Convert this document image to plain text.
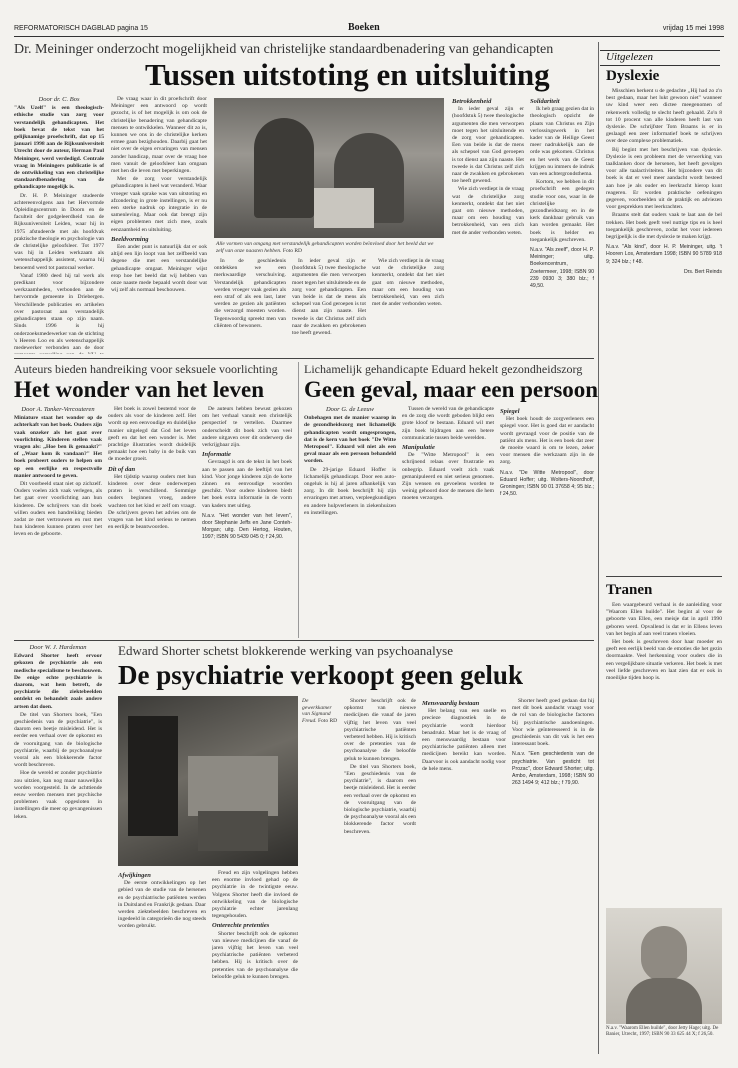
REFORMATORISCH DAGBLAD pagina 15	Boeken	vrijdag 15 mei 1998
Dr. Meininger onderzocht mogelijkheid van christelijke standaardbenadering van gehandicapten
Tussen uitstoting en uitsluiting
Door dr. C. Bos

"Als Uzelf" is een theologisch-ethische studie van zorg voor verstandelijk gehandicapten. Het boek bevat de tekst van het gelijknamige proefschrift, dat op 15 januari 1998 aan de Rijksuniversiteit Utrecht door de auteur, Herman Paul Meininger, werd verdedigd. Centrale vraag in Meiningers publicatie is of de ontwikkeling van een christelijke standaardbenadering van de gehandicapte mogelijk is.

Dr. H. P. Meininger studeerde achtereenvolgens aan het Hervormde Opleidingscentrum in Doorn en de faculteit der godgeleerdheid van de Rijksuniversiteit Leiden, waar hij in 1975 afstudeerde met als hoofdvak praktische theologie en psychologie van de christelijke geloofsleer. Tot 1977 was hij in Leiden werkzaam als wetenschappelijk assistent, waarna hij benoemd werd tot pastoraal werker.

Vanaf 1980 deed hij tal werk als predikant voor bijzondere werkzaamheden, verbonden aan de hervormde gemeente in Driebergen. Verschillende publicaties en artikelen over pastoraat aan verstandelijk gehandicapten staan op zijn naam. Sinds 1996 is hij onderzoeksmedewerker van de stichting 's Heeren Loo en als wetenschappelijk medewerker verbonden aan de door

De vraag waar in dit proefschrift door Meininger een antwoord op wordt gezocht, is of het mogelijk is om ook de christelijke benadering van gehandicapte mensen te ontwikkelen. Wanneer dit zo is, kunnen we ons in de christelijke kerken ermee gaan bezighouden. Daarbij gaat het niet over de eigen ervaringen van mensen zonder handicap, maar over de vraag hoe men vanuit de geloofsleer kan omgaan met hen die leven met beperkingen.

Met de zorg voor verstandelijk gehandicapten is heel wat veranderd. Waar vroeger vaak sprake was van uitstoting en afzondering in grote instellingen, is er nu een sterke nadruk op integratie in de samenleving. Maar ook dat brengt zijn eigen problemen met zich mee, zoals eenzaamheid en uitsluiting.

Beeldvorming

Een ander punt is natuurlijk dat er ook altijd een lijn loopt van het zelfbeeld van degene die met een verstandelijke gehandicapte omgaat. Meininger wijst erop hoe het beeld dat wij hebben van onze naaste mede bepaald wordt door wat wij zelf als normaal beschouwen.

Alle vormen van omgang met verstandelijk gehandicapten worden beïnvloed door het beeld dat we zelf van onze naasten hebben. Foto RD

In de geschiedenis ontdekken we een merkwaardige verschuiving. Verstandelijk gehandicapten werden vroeger vaak gezien als een straf of als een last, later werden ze gezien als patiënten die verzorgd moesten worden. Tegenwoordig spreekt men van cliënten of bewoners.

In ieder geval zijn er (hoofdstuk 5) twee theologische argumenten die men verworpen moet tegen het uitsluitende en de zorg voor gehandicapten. Een van beide is dat de mens als schepsel van God geroepen is tot dienst aan zijn naaste. Het tweede is dat Christus zelf zich naar de zwakken en gebrokenen toe heeft gewend.

Wie zich verdiept in de vraag wat de christelijke zorg kenmerkt, ontdekt dat het niet gaat om nieuwe methoden, maar om een houding van betrokkenheid, van een zich met de ander verbonden weten.

Betrokkenheid

In ieder geval zijn er (hoofdstuk 5) twee theologische argumenten die men verworpen moet tegen het uitsluitende en de zorg voor gehandicapten. Een van beide is dat de mens als schepsel van God geroepen is tot dienst aan zijn naaste. Het tweede is dat Christus zelf zich naar de zwakken en gebrokenen toe heeft gewend.

Wie zich verdiept in de vraag wat de christelijke zorg kenmerkt, ontdekt dat het niet gaat om nieuwe methoden, maar om een houding van betrokkenheid, van een zich met de ander verbonden weten.

Solidariteit

Ik heb graag gezien dat in theologisch opzicht de plaats van Christus en Zijn verlossingswerk in het kader van de Heilige Geest meer nadrukkelijk aan de orde was gekomen. Christus en het werk van de Geest krijgen nu immers de indruk van een achtergrondsthema.

Kortom, we hebben in dit proefschrift een gedegen studie voor ons, waar in de christelijke gezondheidszorg en in de kerk dankbaar gebruik van kan worden gemaakt. Het boek is helder en toegankelijk geschreven.

N.a.v. "Als zeelf", door H. P. Meininger; uitg. Boekencentrum, Zoetermeer, 1998; ISBN 90 239 0930 3; 380 blz.; f 49,50.

Auteurs bieden handreiking voor seksuele voorlichting
Het wonder van het leven
Door A. Tanker-Vercouteren

Miniature staat het wonder op de achterkaft van het boek. Ouders zijn vaak onzeker als het gaat over voorlichting. Kinderen stellen vaak vragen als: ,,Hoe ben ik gemaakt?" of ,,Waar kom ik vandaan?" Het boek probeert ouders te helpen om op een eerlijke en respectvolle manier antwoord te geven.

Dit voorbeeld staat niet op zichzelf. Ouders voelen zich vaak verlegen, als het gaat over voorlichting aan hun kinderen. De schrijvers van dit boek willen ouders een handreiking bieden zodat ze met vertrouwen en rust met hun kinderen kunnen praten over het leven en de geboorte.

Het boek is zowel bestemd voor de ouders als voor de kinderen zelf. Het wordt op een eenvoudige en duidelijke manier uitgelegd dat God het leven geeft en dat het een wonder is. Met prachtige illustraties wordt duidelijk gemaakt hoe een baby in de buik van de moeder groeit.

Dit of dan

Het tijdstip waarop ouders met hun kinderen over deze onderwerpen praten is verschillend. Sommige ouders beginnen vroeg, andere wachten tot het kind er zelf om vraagt. De schrijvers geven het advies om de vragen van het kind serieus te nemen en eerlijk te beantwoorden.

De auteurs hebben bewust gekozen om het verhaal vanuit een christelijk perspectief te vertellen. Daarmee onderscheidt dit boek zich van veel andere uitgaven over dit onderwerp die verkrijgbaar zijn.

Informatie

Gevraagd is om de tekst in het boek aan te passen aan de leeftijd van het kind. Voor jonge kinderen zijn de korte zinnen en eenvoudige woorden geschikt. Voor oudere kinderen biedt het boek extra informatie in de vorm van kaders met uitleg.

N.a.v. "Het wonder van het leven", door Stephanie Jeffs en Jane Conteh-Morgan; uitg. Den Hertog, Houten, 1997; ISBN 90 5439 045 0; f 24,90.

Lichamelijk gehandicapte Eduard hekelt gezondheidszorg
Geen geval, maar een persoon
Door G. de Leeuw

Onbehagen met de manier waarop in de gezondheidszorg met lichamelijk gehandicapten wordt omgesprongen, dat is de kern van het boek "De Witte Metropool". Eduard wil niet als een geval maar als een persoon behandeld worden.

De 29-jarige Eduard Hoffer is lichamelijk gehandicapt. Door een auto-ongeluk is hij al jaren afhankelijk van zorg. In dit boek beschrijft hij zijn ervaringen met artsen, verpleegkundigen en andere hulpverleners in ziekenhuizen en instellingen.

Tussen de wereld van de gehandicapte en de zorg die wordt geboden blijkt een grote kloof te bestaan. Eduard wil met zijn boek bijdragen aan een betere communicatie tussen beide werelden.

Manipulatie

De "Witte Metropool" is een schrijnend relaas over frustratie en onbegrip. Eduard voelt zich vaak gemanipuleerd en niet serieus genomen. Zijn wensen en gevoelens worden te weinig gehoord door de mensen die hem moeten verzorgen.

Spiegel

Het boek houdt de zorgverleners een spiegel voor. Het is goed dat er aandacht wordt gevraagd voor de positie van de patiënt als mens. Het is een boek dat zeer de moeite waard is om te lezen, zeker voor mensen die werkzaam zijn in de zorg.

N.a.v. "De Witte Metropool", door Eduard Hoffer; uitg. Wolters-Noordhoff, Groningen; ISBN 90 01 37658 4; 95 blz.; f 24,50.

Door W. J. Hardeman

Edward Shorter heeft ervoor gekozen de psychiatrie als een medische specialisme te beschouwen. De enige echte psychiatrie is daarom, wat hem betreft, de psychiatrie die ziektebeelden ontdekt en behandelt zoals andere artsen dat doen.

De titel van Shorters boek, "Een geschiedenis van de psychiatrie", is daarom een beetje misleidend. Het is eerder een verhaal over de opkomst en de vooruitgang van de biologische psychiatrie, waarbij de psychoanalyse vooral als een blokkerende factor wordt beschreven.

Hoe de wereld er zonder psychiatrie zou uitzien, kan nog maar nauwelijks worden voorgesteld. In de achttiende eeuw werden mensen met psychische problemen vaak opgesloten in instellingen die meer op gevangenissen leken.

Edward Shorter schetst blokkerende werking van psychoanalyse
De psychiatrie verkoopt geen geluk
De gewerkkamer van Sigmund Freud. Foto RD
Afwijkingen

De eerste ontwikkelingen op het gebied van de studie van de hersenen en de psychiatrische patiënten werden in Duitsland en Frankrijk gedaan. Daar werden ziektebeelden beschreven en ingedeeld in categorieën die nog steeds worden gebruikt.

Freud en zijn volgelingen hebben een enorme invloed gehad op de psychiatrie in de twintigste eeuw. Volgens Shorter heeft die invloed de ontwikkeling van de biologische psychiatrie echter jarenlang tegengehouden.

Onterechte pretenties

Shorter beschrijft ook de opkomst van nieuwe medicijnen die vanaf de jaren vijftig het leven van veel psychiatrische patiënten verbeterd hebben. Hij is kritisch over de pretenties van de psychoanalyse die beloofde geluk te kunnen brengen.

Shorter beschrijft ook de opkomst van nieuwe medicijnen die vanaf de jaren vijftig het leven van veel psychiatrische patiënten verbeterd hebben. Hij is kritisch over de pretenties van de psychoanalyse die beloofde geluk te kunnen brengen.

De titel van Shorters boek, "Een geschiedenis van de psychiatrie", is daarom een beetje misleidend. Het is eerder een verhaal over de opkomst en de vooruitgang van de biologische psychiatrie, waarbij de psychoanalyse vooral als een blokkerende factor wordt beschreven.

Mensvaardig bestaan

Het belang van een snelle en precieze diagnostiek in de psychiatrie wordt hierdoor benadrukt. Maar het is de vraag of een menswaardig bestaan voor psychiatrische patiënten alleen met medicijnen bereikt kan worden. Daarvoor is ook aandacht nodig voor de hele mens.

Shorter heeft goed gedaan dat hij met dit boek aandacht vraagt voor de rol van de biologische factoren bij psychiatrische aandoeningen. Voor wie geïnteresseerd is in de geschiedenis van dit vak is het een interessant boek.

N.a.v. "Een geschiedenis van de psychiatrie. Van gesticht tot Prozac", door Edward Shorter; uitg. Ambo, Amsterdam, 1998; ISBN 90 263 1494 9; 412 blz.; f 79,90.

Uitgelezen
Dyslexie

Misschien herkent u de gedachte ,,Hij had zo z'n best gedaan, maar het lukt gewoon niet" wanneer uw kind weer een dictee meegenomen of rekenwerk volledig te slecht heeft gehaald. Zo'n 8 tot 10 procent van alle kinderen heeft last van dyslexie. De schrijfster Tom Braams is er in geslaagd een zeer informatief boek te schrijven over deze complexe problematiek.

Bij begint met het beschrijven van dyslexie. Dyslexie is een probleem met de verwerking van taalklanken door de hersenen, het heeft gevolgen voor alle taalactiviteiten. Het bijzondere van dit boek is dat er veel meer aandacht wordt besteed aan hoe je als ouder en leerkracht hierop kunt reageren. Er worden praktische oefeningen gegeven, voorbeelden uit de praktijk en adviezen voor gesprekken met leerkrachten.

Braams stelt dat ouders vaak te laat aan de bel trekken. Het boek geeft veel nuttige tips en is heel toegankelijk geschreven, zodat het voor iedereen begrijpelijk is die met dyslexie te maken krijgt.

N.a.v. "Als kind", door H. P. Meininger, uitg. 't Hooren Los, Amsterdam 1998; ISBN 90 5789 918 9; 324 blz.; f 48.

Drs. Bert Reinds

Tranen

Een waargebeurd verhaal is de aanleiding voor "Waarom Ellen huilde". Het begint al voor de geboorte van Ellen, een meisje dat in april 1990 geboren werd. Opvallend is dat er in Ellens leven van het begin af aan veel tranen vloeien.

Het boek is geschreven door haar moeder en geeft een eerlijk beeld van de emoties die het gezin doormaakte. Veel herkenning voor ouders die in een vergelijkbare situatie verkeren. Het boek is met veel liefde geschreven en laat zien dat er ook in moeilijke tijden hoop is.

N.a.v. "Waarom Ellen huilde", door Jetty Hage; uitg. De Banier, Utrecht, 1997; ISBN 90 33 625 44 X; f 26,50.
